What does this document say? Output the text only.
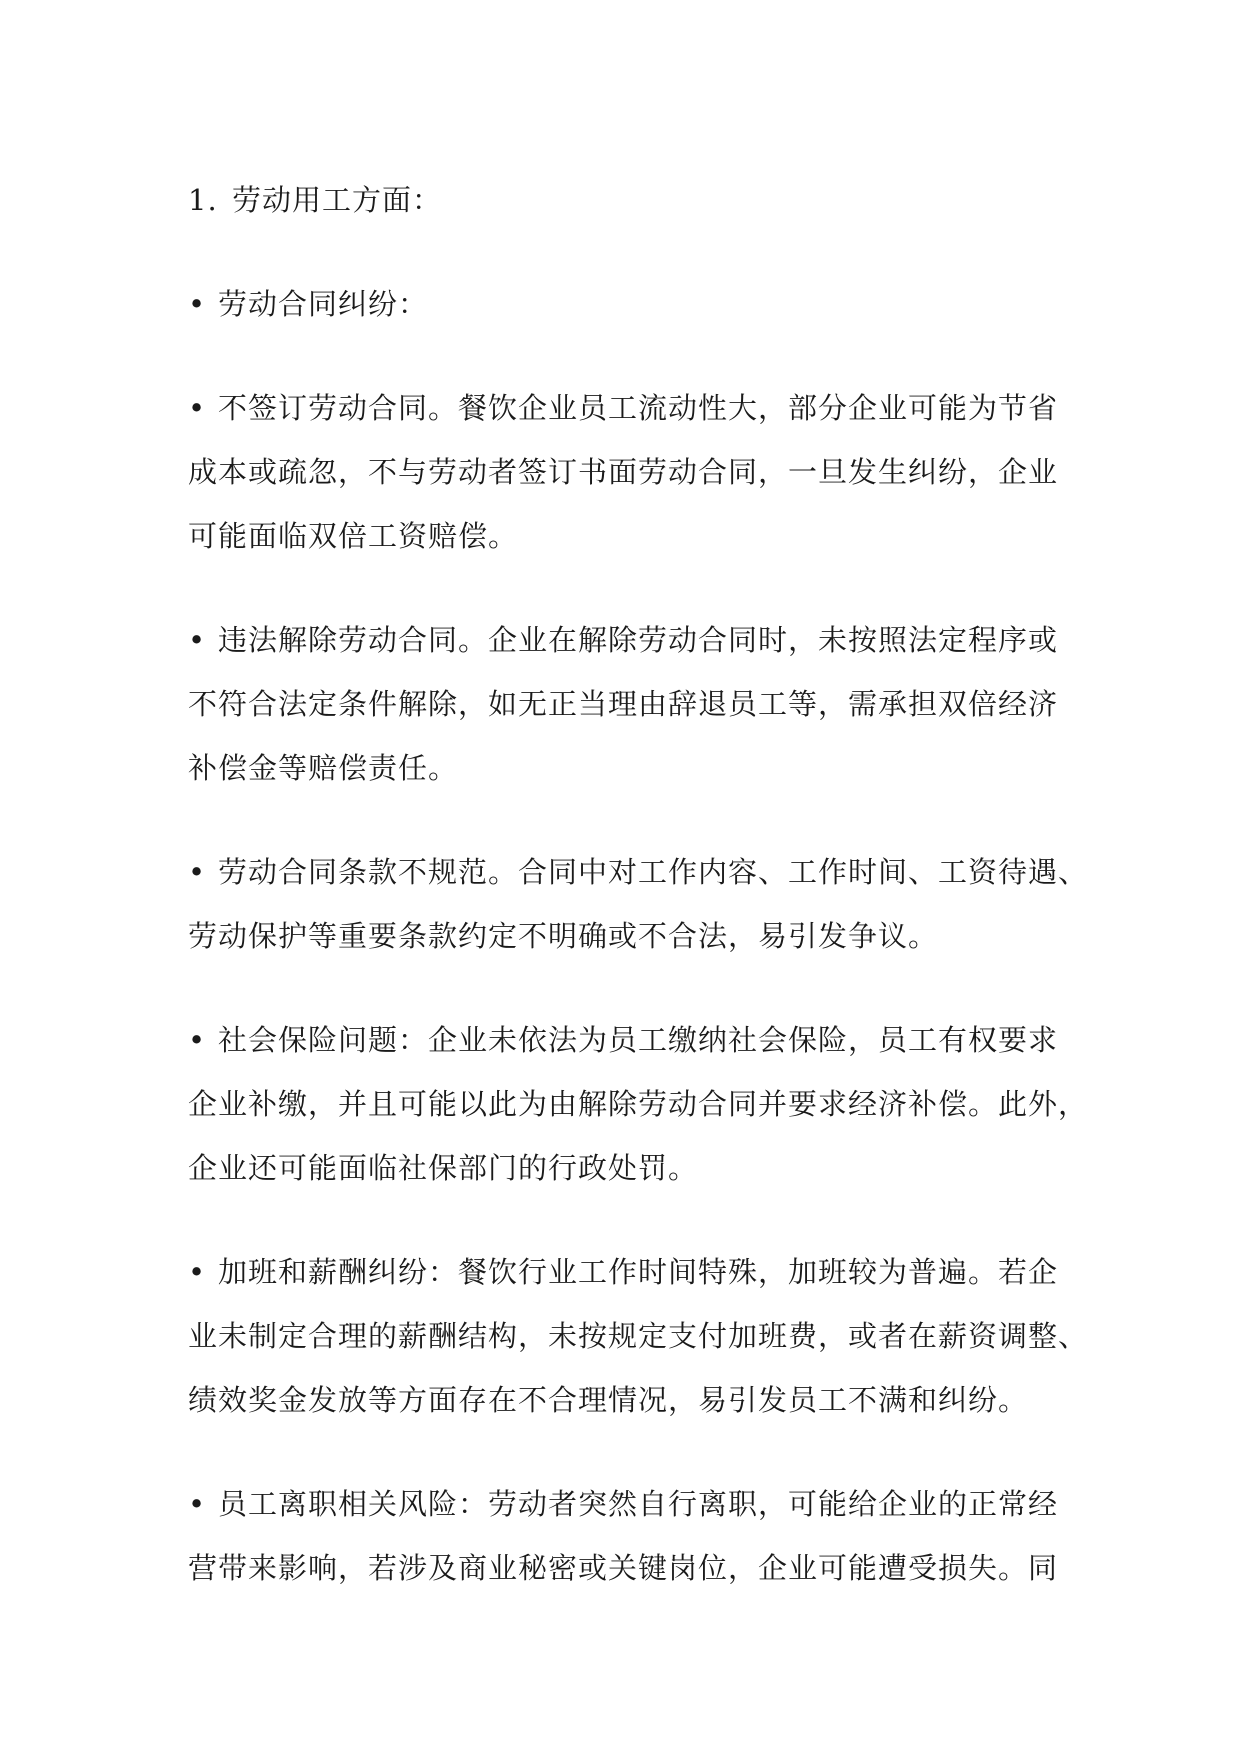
1. 劳动用工方面：
• 劳动合同纠纷：
• 不签订劳动合同。餐饮企业员工流动性大，部分企业可能为节省
成本或疏忽，不与劳动者签订书面劳动合同，一旦发生纠纷，企业
可能面临双倍工资赔偿。
• 违法解除劳动合同。企业在解除劳动合同时，未按照法定程序或
不符合法定条件解除，如无正当理由辞退员工等，需承担双倍经济
补偿金等赔偿责任。
• 劳动合同条款不规范。合同中对工作内容、工作时间、工资待遇、
劳动保护等重要条款约定不明确或不合法，易引发争议。
• 社会保险问题：企业未依法为员工缴纳社会保险，员工有权要求
企业补缴，并且可能以此为由解除劳动合同并要求经济补偿。此外，
企业还可能面临社保部门的行政处罚。
• 加班和薪酬纠纷：餐饮行业工作时间特殊，加班较为普遍。若企
业未制定合理的薪酬结构，未按规定支付加班费，或者在薪资调整、
绩效奖金发放等方面存在不合理情况，易引发员工不满和纠纷。
• 员工离职相关风险：劳动者突然自行离职，可能给企业的正常经
营带来影响，若涉及商业秘密或关键岗位，企业可能遭受损失。同
